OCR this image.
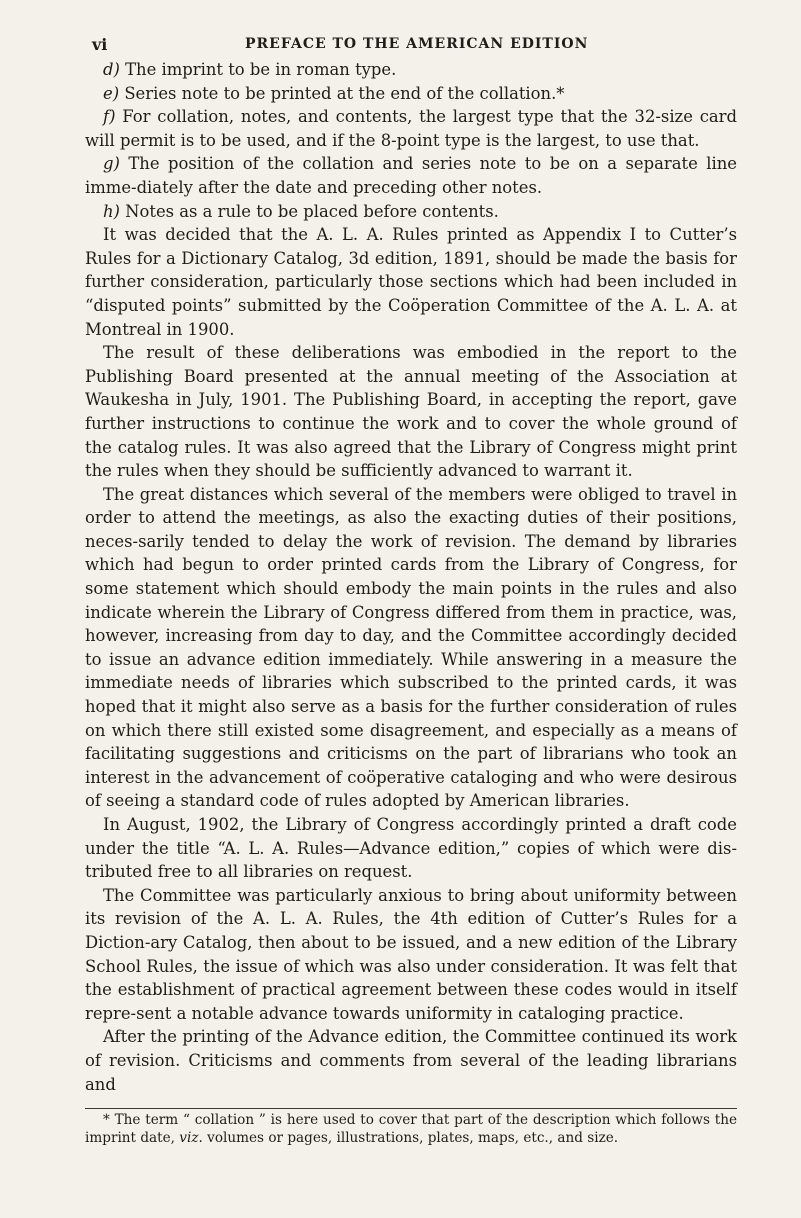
vi	PREFACE TO THE AMERICAN EDITION

d) The imprint to be in roman type.

e) Series note to be printed at the end of the collation.*

f) For collation, notes, and contents, the largest type that the 32-size card will permit is to be used, and if the 8-point type is the largest, to use that.

g) The position of the collation and series note to be on a separate line imme-diately after the date and preceding other notes.

h) Notes as a rule to be placed before contents.

It was decided that the A. L. A. Rules printed as Appendix I to Cutter’s Rules for a Dictionary Catalog, 3d edition, 1891, should be made the basis for further consideration, particularly those sections which had been included in “disputed points” submitted by the Coöperation Committee of the A. L. A. at Montreal in 1900.

The result of these deliberations was embodied in the report to the Publishing Board presented at the annual meeting of the Association at Waukesha in July, 1901. The Publishing Board, in accepting the report, gave further instructions to continue the work and to cover the whole ground of the catalog rules. It was also agreed that the Library of Congress might print the rules when they should be sufficiently advanced to warrant it.

The great distances which several of the members were obliged to travel in order to attend the meetings, as also the exacting duties of their positions, neces-sarily tended to delay the work of revision. The demand by libraries which had begun to order printed cards from the Library of Congress, for some statement which should embody the main points in the rules and also indicate wherein the Library of Congress differed from them in practice, was, however, increasing from day to day, and the Committee accordingly decided to issue an advance edition immediately. While answering in a measure the immediate needs of libraries which subscribed to the printed cards, it was hoped that it might also serve as a basis for the further consideration of rules on which there still existed some disagreement, and especially as a means of facilitating suggestions and criticisms on the part of librarians who took an interest in the advancement of coöperative cataloging and who were desirous of seeing a standard code of rules adopted by American libraries.

In August, 1902, the Library of Congress accordingly printed a draft code under the title “A. L. A. Rules—Advance edition,” copies of which were dis-tributed free to all libraries on request.

The Committee was particularly anxious to bring about uniformity between its revision of the A. L. A. Rules, the 4th edition of Cutter’s Rules for a Diction-ary Catalog, then about to be issued, and a new edition of the Library School Rules, the issue of which was also under consideration. It was felt that the establishment of practical agreement between these codes would in itself repre-sent a notable advance towards uniformity in cataloging practice.

After the printing of the Advance edition, the Committee continued its work of revision. Criticisms and comments from several of the leading librarians and

* The term “ collation ” is here used to cover that part of the description which follows the imprint date, viz. volumes or pages, illustrations, plates, maps, etc., and size.
